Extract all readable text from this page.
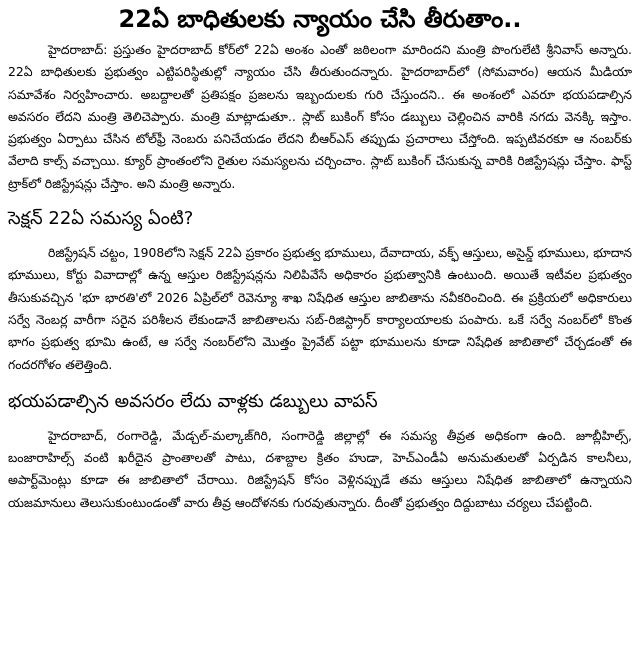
22ఏ బాధితులకు న్యాయం చేసి తీరుతాం..

హైదరాబాద్: ప్రస్తుతం హైదరాబాద్ కోర్‌లో 22ఏ అంశం ఎంతో జఠిలంగా మారిందని మంత్రి పొంగులేటి శ్రీనివాస్ అన్నారు. 22ఏ బాధితులకు ప్రభుత్వం ఎట్టిపరిస్థితుల్లో న్యాయం చేసి తీరుతుందన్నారు. హైదరాబాద్‌లో (సోమవారం) ఆయన మీడియా సమావేశం నిర్వహించారు. అబద్దాలతో ప్రతిపక్షం ప్రజలను ఇబ్బందులకు గురి చేస్తుందని.. ఈ అంశంలో ఎవరూ భయపడాల్సిన అవసరం లేదని మంత్రి తెలిచెప్పారు. మంత్రి మాట్లాడుతూ.. స్లాట్ బుకింగ్ కోసం డబ్బులు చెల్లించిన వారికి నగదు వెనక్కి ఇస్తాం. ప్రభుత్వం ఏర్పాటు చేసిన టోల్‌ఫ్రీ నెంబరు పనిచేయడం లేదని బీఆర్ఎస్ తప్పుడు ప్రచారాలు చేస్తోంది. ఇప్పటివరకూ ఆ నంబర్‌కు వేలాది కాల్స్ వచ్చాయి. క్యూర్ ప్రాంతంలోని రైతుల సమస్యలను చర్చించాం. స్లాట్ బుకింగ్ చేసుకున్న వారికి రిజిస్ట్రేషన్లు చేస్తాం. ఫాస్ట్ ట్రాక్‌లో రిజిస్ట్రేషన్లు చేస్తాం. అని మంత్రి అన్నారు.

సెక్షన్ 22ఏ సమస్య ఏంటి?

రిజిస్ట్రేషన్ చట్టం, 1908లోని సెక్షన్ 22ఏ ప్రకారం ప్రభుత్వ భూములు, దేవాదాయ, వక్ఫ్ ఆస్తులు, అసైన్డ్ భూములు, భూదాన భూములు, కోర్టు వివాదాల్లో ఉన్న ఆస్తుల రిజిస్ట్రేషన్లను నిలిపివేసే అధికారం ప్రభుత్వానికి ఉంటుంది. అయితే ఇటీవల ప్రభుత్వం తీసుకువచ్చిన 'భూ భారతి'లో 2026 ఏప్రిల్‌లో రెవెన్యూ శాఖ నిషేధిత ఆస్తుల జాబితాను నవీకరించింది. ఈ ప్రక్రియలో అధికారులు సర్వే నెంబర్ల వారీగా సరైన పరిశీలన లేకుండానే జాబితాలను సబ్-రిజిస్ట్రార్ కార్యాలయాలకు పంపారు. ఒకే సర్వే నంబర్‌లో కొంత భాగం ప్రభుత్వ భూమి ఉంటే, ఆ సర్వే నంబర్‌లోని మొత్తం ప్రైవేట్ పట్టా భూములను కూడా నిషేధిత జాబితాలో చేర్చడంతో ఈ గందరగోళం తలెత్తింది.

భయపడాల్సిన అవసరం లేదు వాళ్లకు డబ్బులు వాపస్

హైదరాబాద్, రంగారెడ్డి, మేడ్చల్-మల్కాజ్‌గిరి, సంగారెడ్డి జిల్లాల్లో ఈ సమస్య తీవ్రత అధికంగా ఉంది. జూబ్లీహిల్స్, బంజారాహిల్స్ వంటి ఖరీదైన ప్రాంతాలతో పాటు, దశాబ్దాల క్రితం హుడా, హెచ్ఎండీఏ అనుమతులతో ఏర్పడిన కాలనీలు, అపార్ట్‌మెంట్లు కూడా ఈ జాబితాలో చేరాయి. రిజిస్ట్రేషన్ కోసం వెళ్లినప్పుడే తమ ఆస్తులు నిషేధిత జాబితాలో ఉన్నాయని యజమానులు తెలుసుకుంటుండంతో వారు తీవ్ర ఆందోళనకు గురవుతున్నారు. దీంతో ప్రభుత్వం దిద్దుబాటు చర్యలు చేపట్టింది.
